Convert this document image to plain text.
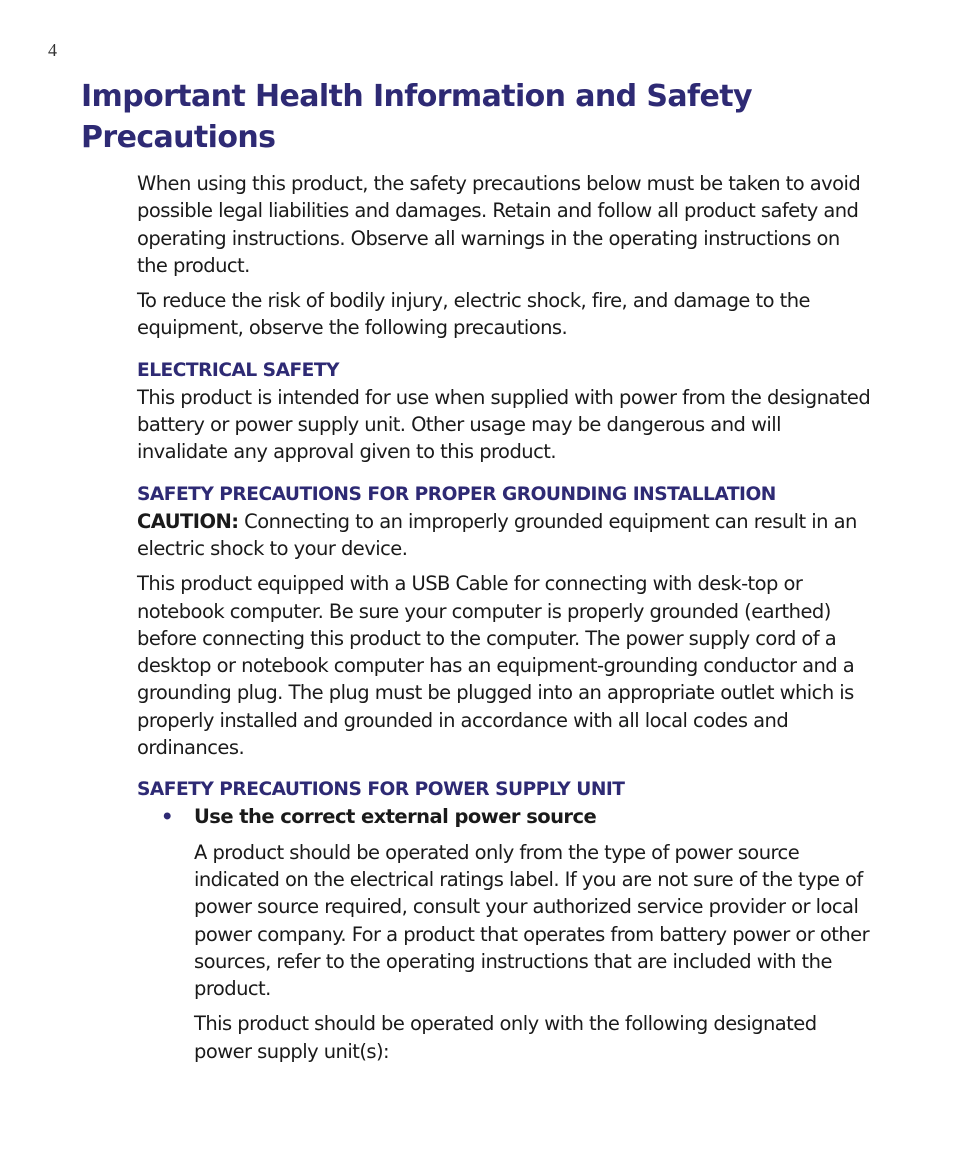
4
Important Health Information and Safety Precautions

When using this product, the safety precautions below must be taken to avoid possible legal liabilities and damages. Retain and follow all product safety and operating instructions. Observe all warnings in the operating instructions on the product.

To reduce the risk of bodily injury, electric shock, fire, and damage to the equipment, observe the following precautions.

ELECTRICAL SAFETY

This product is intended for use when supplied with power from the designated battery or power supply unit. Other usage may be dangerous and will invalidate any approval given to this product.

SAFETY PRECAUTIONS FOR PROPER GROUNDING INSTALLATION

CAUTION: Connecting to an improperly grounded equipment can result in an electric shock to your device.

This product equipped with a USB Cable for connecting with desk-top or notebook computer. Be sure your computer is properly grounded (earthed) before connecting this product to the computer. The power supply cord of a desktop or notebook computer has an equipment-grounding conductor and a grounding plug. The plug must be plugged into an appropriate outlet which is properly installed and grounded in accordance with all local codes and ordinances.

SAFETY PRECAUTIONS FOR POWER SUPPLY UNIT
• Use the correct external power source

A product should be operated only from the type of power source indicated on the electrical ratings label. If you are not sure of the type of power source required, consult your authorized service provider or local power company. For a product that operates from battery power or other sources, refer to the operating instructions that are included with the product.

This product should be operated only with the following designated power supply unit(s):
